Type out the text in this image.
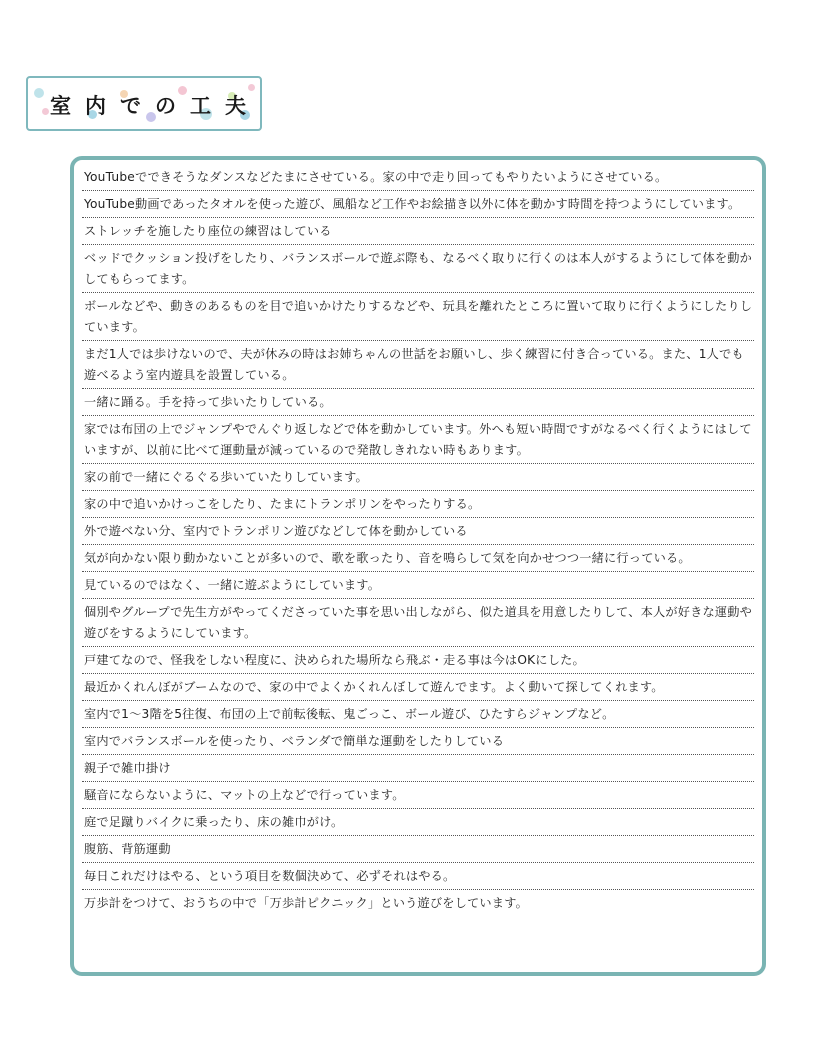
室内での工夫
YouTubeでできそうなダンスなどたまにさせている。家の中で走り回ってもやりたいようにさせている。
YouTube動画であったタオルを使った遊び、風船など工作やお絵描き以外に体を動かす時間を持つようにしています。
ストレッチを施したり座位の練習はしている
ベッドでクッション投げをしたり、バランスボールで遊ぶ際も、なるべく取りに行くのは本人がするようにして体を動かしてもらってます。
ボールなどや、動きのあるものを目で追いかけたりするなどや、玩具を離れたところに置いて取りに行くようにしたりしています。
まだ1人では歩けないので、夫が休みの時はお姉ちゃんの世話をお願いし、歩く練習に付き合っている。また、1人でも遊べるよう室内遊具を設置している。
一緒に踊る。手を持って歩いたりしている。
家では布団の上でジャンプやでんぐり返しなどで体を動かしています。外へも短い時間ですがなるべく行くようにはしていますが、以前に比べて運動量が減っているので発散しきれない時もあります。
家の前で一緒にぐるぐる歩いていたりしています。
家の中で追いかけっこをしたり、たまにトランポリンをやったりする。
外で遊べない分、室内でトランポリン遊びなどして体を動かしている
気が向かない限り動かないことが多いので、歌を歌ったり、音を鳴らして気を向かせつつ一緒に行っている。
見ているのではなく、一緒に遊ぶようにしています。
個別やグループで先生方がやってくださっていた事を思い出しながら、似た道具を用意したりして、本人が好きな運動や遊びをするようにしています。
戸建てなので、怪我をしない程度に、決められた場所なら飛ぶ・走る事は今はOKにした。
最近かくれんぼがブームなので、家の中でよくかくれんぼして遊んでます。よく動いて探してくれます。
室内で1～3階を5往復、布団の上で前転後転、鬼ごっこ、ボール遊び、ひたすらジャンプなど。
室内でバランスボールを使ったり、ベランダで簡単な運動をしたりしている
親子で雑巾掛け
騒音にならないように、マットの上などで行っています。
庭で足蹴りバイクに乗ったり、床の雑巾がけ。
腹筋、背筋運動
毎日これだけはやる、という項目を数個決めて、必ずそれはやる。
万歩計をつけて、おうちの中で「万歩計ピクニック」という遊びをしています。
